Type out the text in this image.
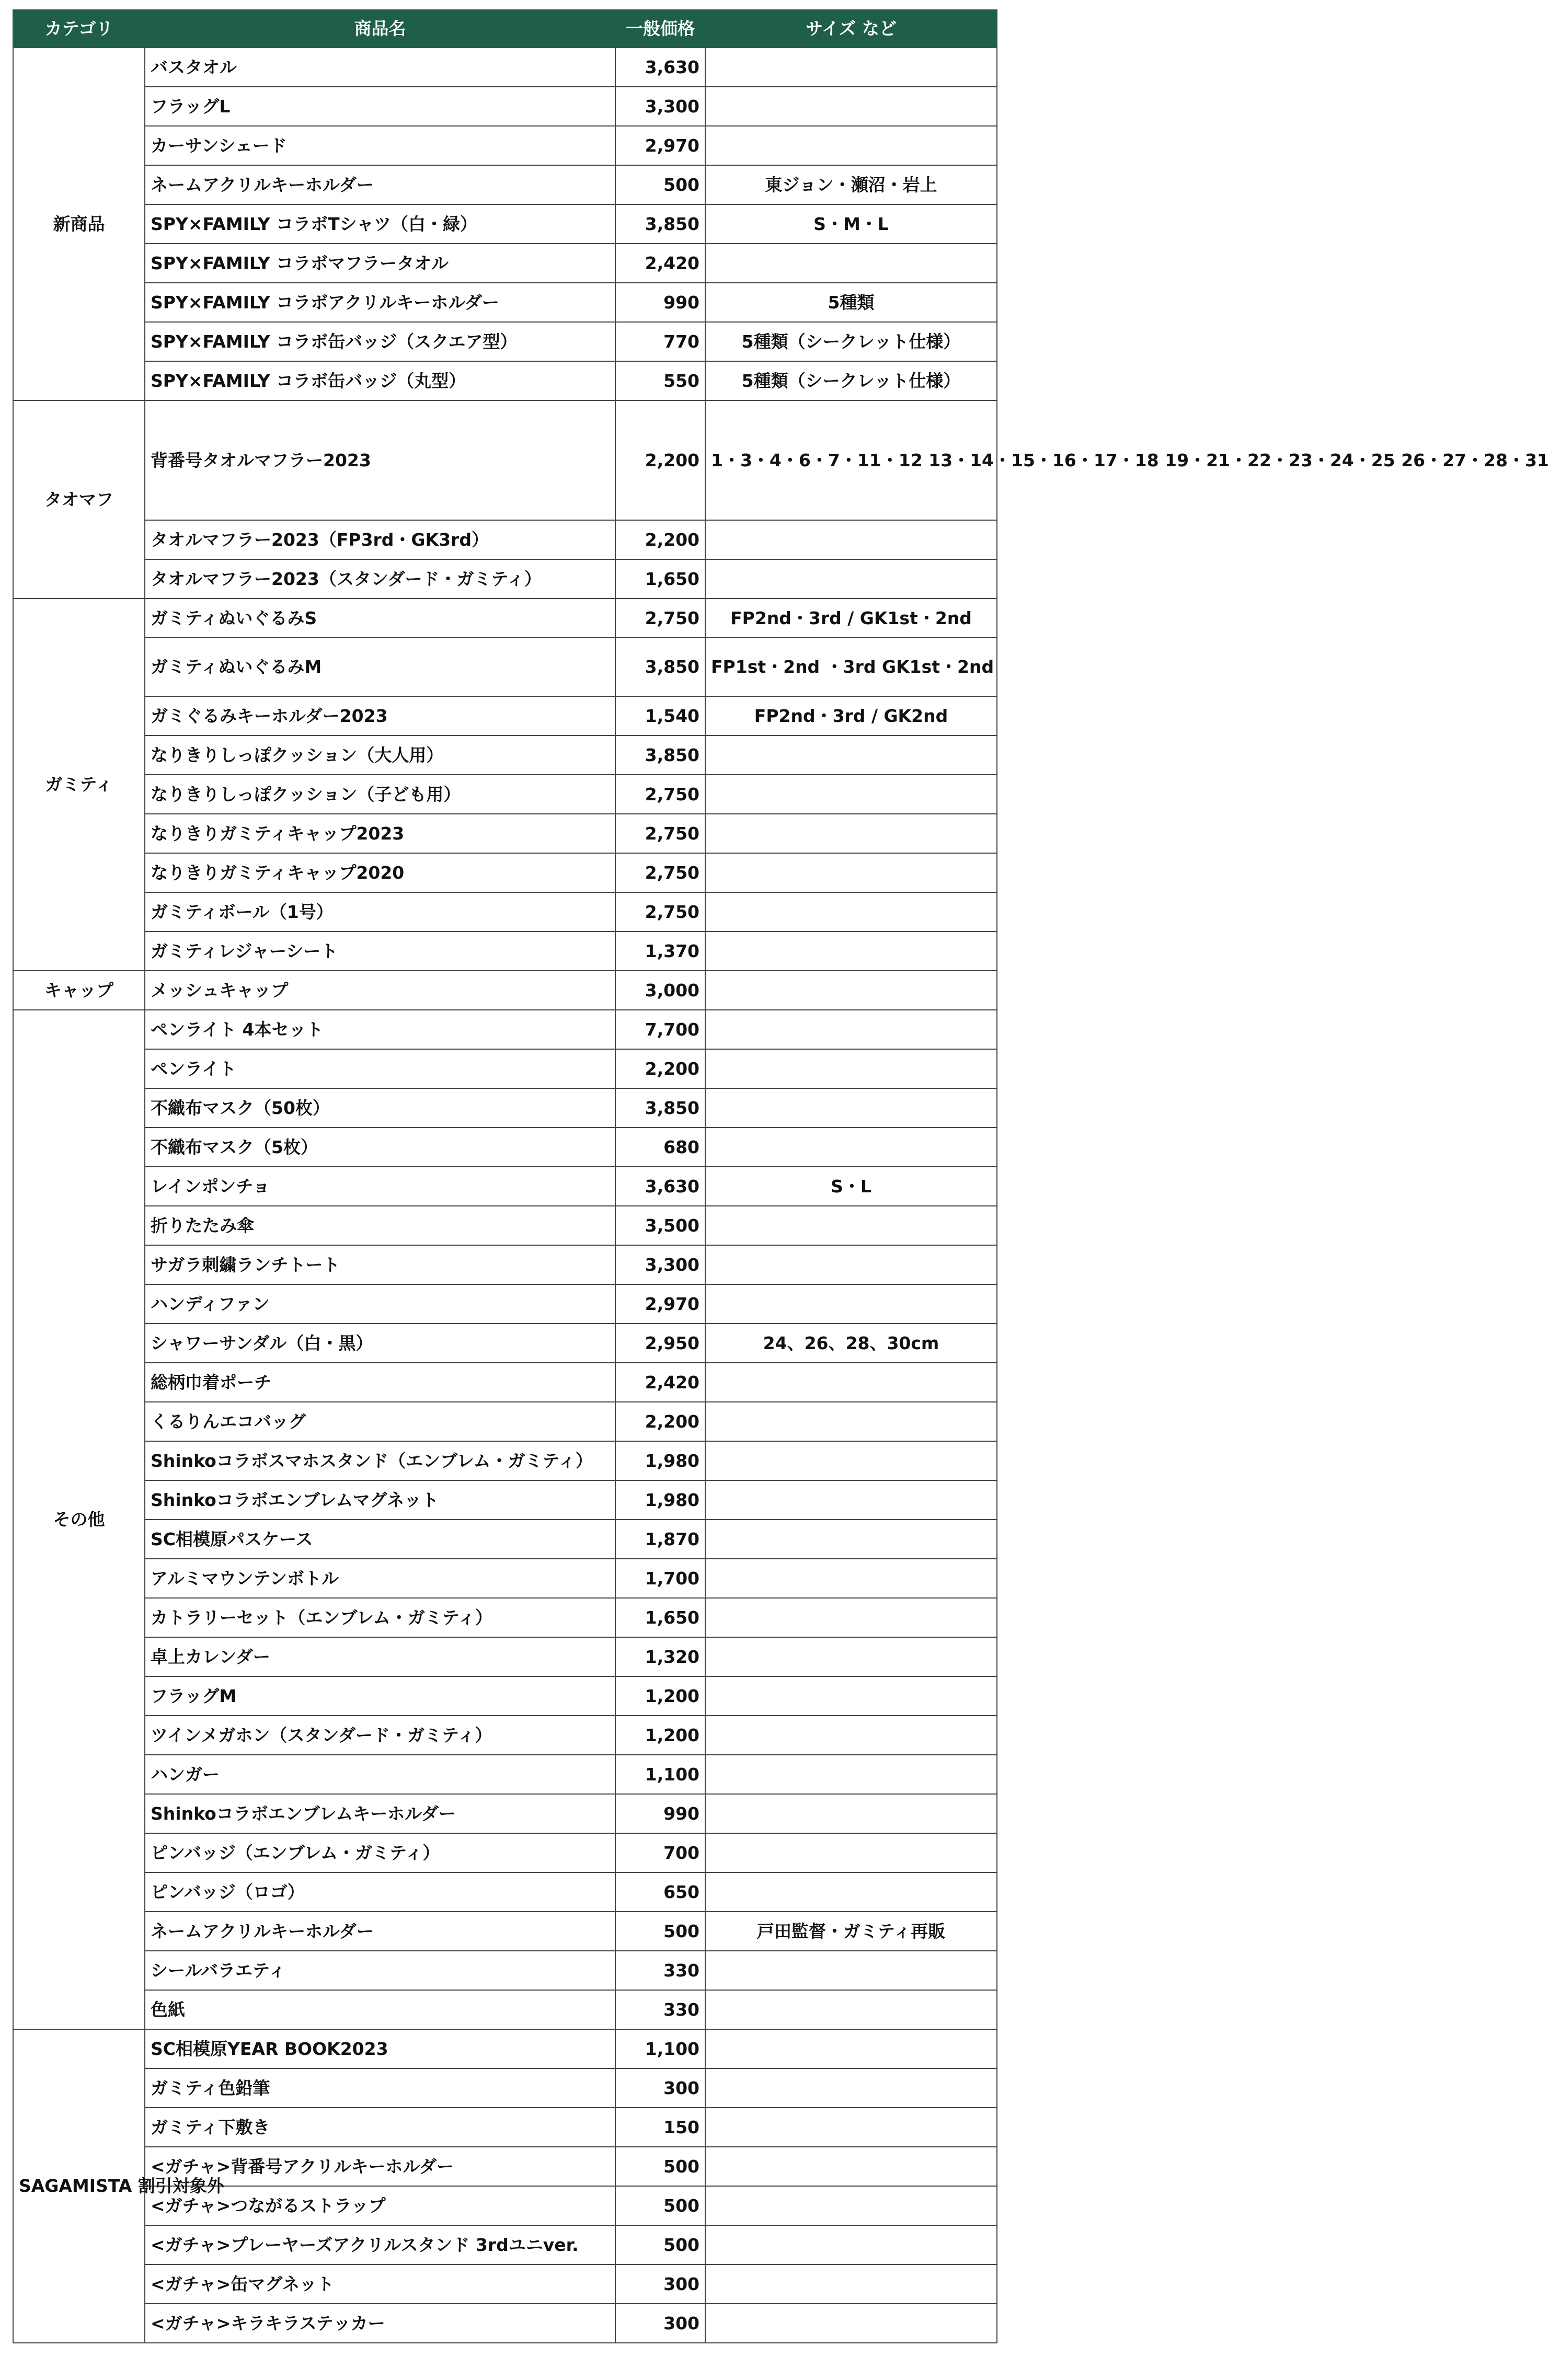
カテゴリ	商品名	一般価格	サイズ など
新商品	バスタオル	3,630	
	フラッグL	3,300	
	カーサンシェード	2,970	
	ネームアクリルキーホルダー	500	東ジョン・瀬沼・岩上
	SPY×FAMILY コラボTシャツ（白・緑）	3,850	S・M・L
	SPY×FAMILY コラボマフラータオル	2,420	
	SPY×FAMILY コラボアクリルキーホルダー	990	5種類
	SPY×FAMILY コラボ缶バッジ（スクエア型）	770	5種類（シークレット仕様）
	SPY×FAMILY コラボ缶バッジ（丸型）	550	5種類（シークレット仕様）
タオマフ	背番号タオルマフラー2023	2,200	1・3・4・6・7・11・12 13・14・15・16・17・18 19・21・22・23・24・25 26・27・28・31
	タオルマフラー2023（FP3rd・GK3rd）	2,200	
	タオルマフラー2023（スタンダード・ガミティ）	1,650	
ガミティ	ガミティぬいぐるみS	2,750	FP2nd・3rd / GK1st・2nd
	ガミティぬいぐるみM	3,850	FP1st・2nd ・3rd GK1st・2nd
	ガミぐるみキーホルダー2023	1,540	FP2nd・3rd / GK2nd
	なりきりしっぽクッション（大人用）	3,850	
	なりきりしっぽクッション（子ども用）	2,750	
	なりきりガミティキャップ2023	2,750	
	なりきりガミティキャップ2020	2,750	
	ガミティボール（1号）	2,750	
	ガミティレジャーシート	1,370	
キャップ	メッシュキャップ	3,000	
その他	ペンライト 4本セット	7,700	
	ペンライト	2,200	
	不織布マスク（50枚）	3,850	
	不織布マスク（5枚）	680	
	レインポンチョ	3,630	S・L
	折りたたみ傘	3,500	
	サガラ刺繍ランチトート	3,300	
	ハンディファン	2,970	
	シャワーサンダル（白・黒）	2,950	24、26、28、30cm
	総柄巾着ポーチ	2,420	
	くるりんエコバッグ	2,200	
	Shinkoコラボスマホスタンド（エンブレム・ガミティ）	1,980	
	Shinkoコラボエンブレムマグネット	1,980	
	SC相模原パスケース	1,870	
	アルミマウンテンボトル	1,700	
	カトラリーセット（エンブレム・ガミティ）	1,650	
	卓上カレンダー	1,320	
	フラッグM	1,200	
	ツインメガホン（スタンダード・ガミティ）	1,200	
	ハンガー	1,100	
	Shinkoコラボエンブレムキーホルダー	990	
	ピンバッジ（エンブレム・ガミティ）	700	
	ピンバッジ（ロゴ）	650	
	ネームアクリルキーホルダー	500	戸田監督・ガミティ再販
	シールバラエティ	330	
	色紙	330	
SAGAMISTA 割引対象外	SC相模原YEAR BOOK2023	1,100	
	ガミティ色鉛筆	300	
	ガミティ下敷き	150	
	<ガチャ>背番号アクリルキーホルダー	500	
	<ガチャ>つながるストラップ	500	
	<ガチャ>プレーヤーズアクリルスタンド 3rdユニver.	500	
	<ガチャ>缶マグネット	300	
	<ガチャ>キラキラステッカー	300	
